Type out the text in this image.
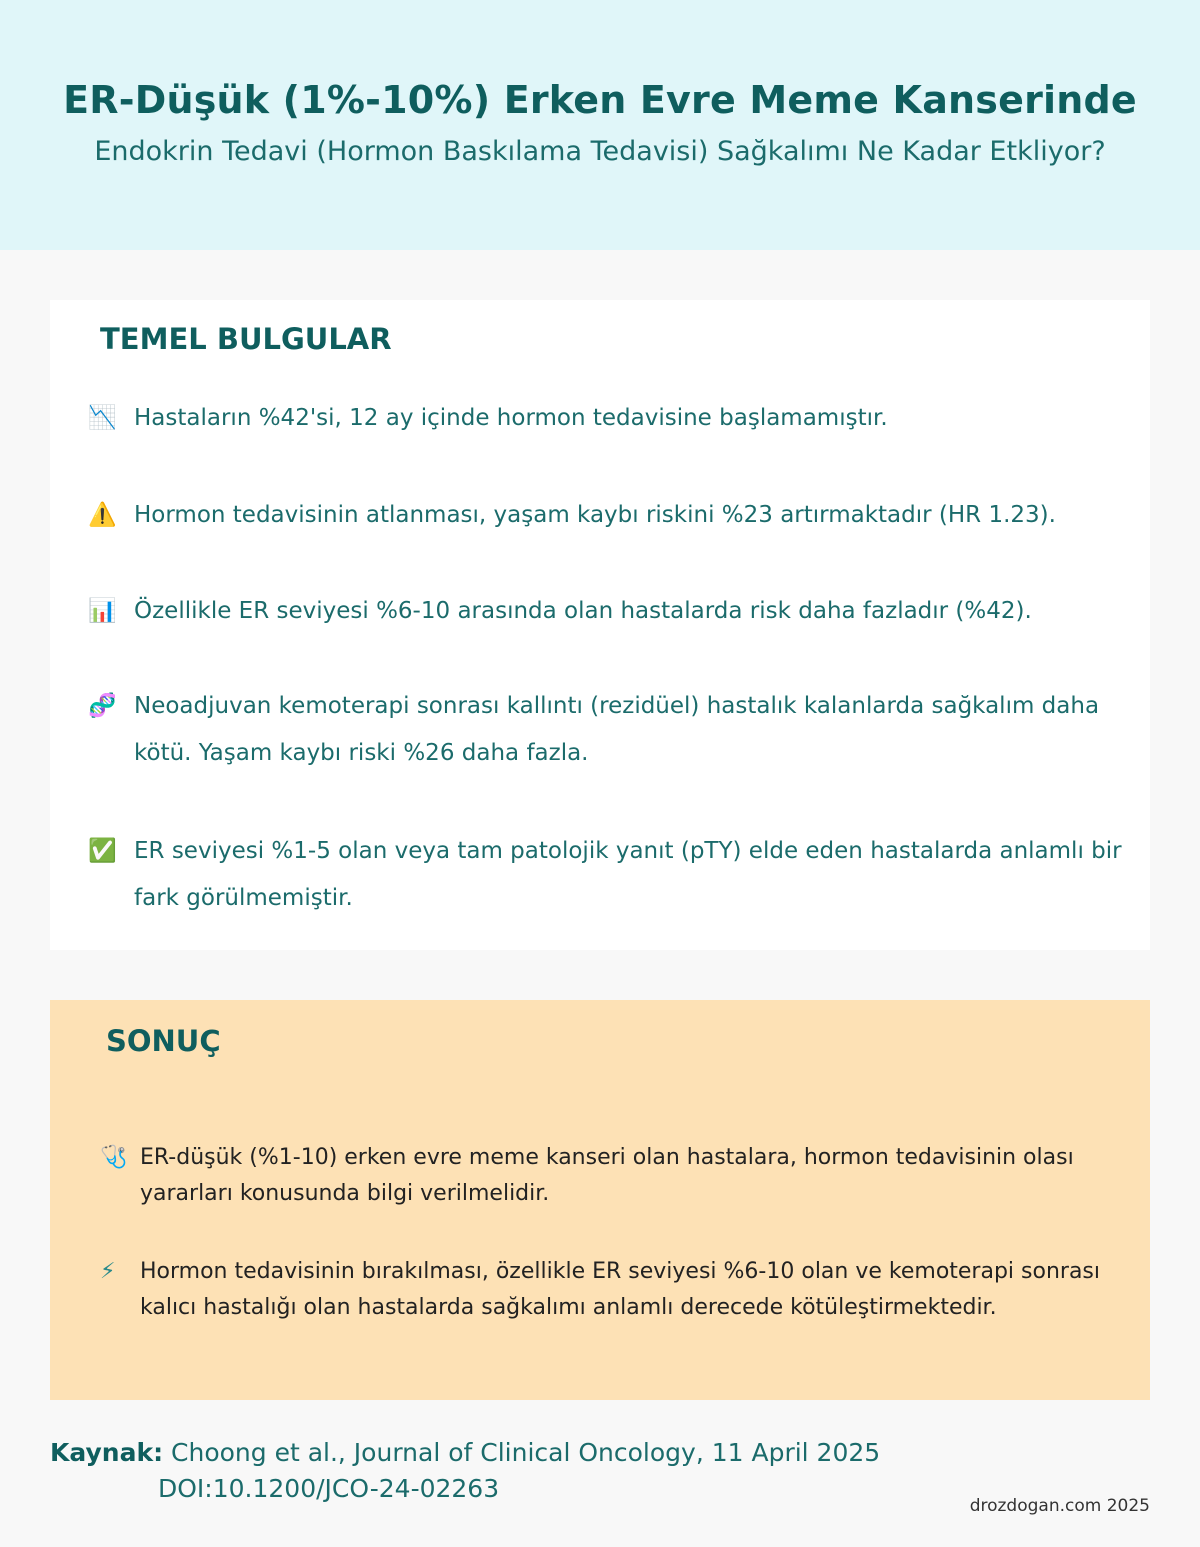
ER-Düşük (1%-10%) Erken Evre Meme Kanserinde
Endokrin Tedavi (Hormon Baskılama Tedavisi) Sağkalımı Ne Kadar Etkliyor?
TEMEL BULGULAR
📉 Hastaların %42'si, 12 ay içinde hormon tedavisine başlamamıştır.
⚠️ Hormon tedavisinin atlanması, yaşam kaybı riskini %23 artırmaktadır (HR 1.23).
📊 Özellikle ER seviyesi %6-10 arasında olan hastalarda risk daha fazladır (%42).
🧬 Neoadjuvan kemoterapi sonrası kallıntı (rezidüel) hastalık kalanlarda sağkalım daha kötü. Yaşam kaybı riski %26 daha fazla.
✅ ER seviyesi %1-5 olan veya tam patolojik yanıt (pTY) elde eden hastalarda anlamlı bir fark görülmemiştir.
SONUÇ
🩺 ER-düşük (%1-10) erken evre meme kanseri olan hastalara, hormon tedavisinin olası yararları konusunda bilgi verilmelidir.
⚡	Hormon tedavisinin bırakılması, özellikle ER seviyesi %6-10 olan ve kemoterapi sonrası kalıcı hastalığı olan hastalarda sağkalımı anlamlı derecede kötüleştirmektedir.
Kaynak: Choong et al., Journal of Clinical Oncology, 11 April 2025
DOI:10.1200/JCO-24-02263
drozdogan.com 2025
